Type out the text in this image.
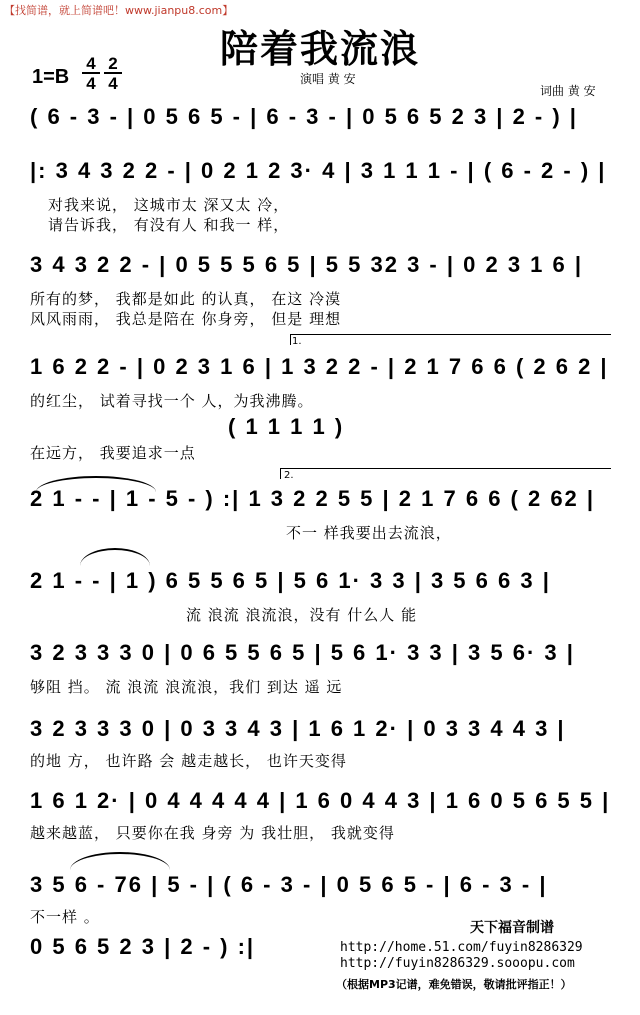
【找简谱，就上简谱吧！www.jianpu8.com】
陪着我流浪
$1=B \frac{4}{4} \frac{2}{4}$	演唱 黄 安
词曲 黄 安
( 6 - 3 - | 0 5 6 5 - | 6 - 3 - | 0 5 6 5 2 3 | 2 - ) |
|: 3 4 3 2 2 - | 0 2 1 2 3· 4 | 3 1 1 1 - | ( 6 - 2 - ) |
对我来说， 这城市太 深又太 冷，
请告诉我， 有没有人 和我一 样，
3 4 3 2 2 - | 0 5 5 5 6 5 | 5 5 32 3 - | 0 2 3 1 6 |
所有的梦， 我都是如此 的认真， 在这 冷漠
风风雨雨， 我总是陪在 你身旁， 但是 理想
1.
1 6 2 2 - | 0 2 3 1 6 | 1 3 2 2 - | 2 1 7 6 6 ( 2 6 2 |
的红尘， 试着寻找一个 人，为我沸腾。
( 1 1 1 1 )
在远方， 我要追求一点
2.
2 1 - - | 1 - 5 - ) :| 1 3 2 2 5 5 | 2 1 7 6 6 ( 2 62 |
不一 样我要出去流浪，
2 1 - - | 1 ) 6 5 5 6 5 | 5 6 1· 3 3 | 3 5 6 6 3 |
流 浪流 浪流浪，没有 什么人 能
3 2 3 3 3 0 | 0 6 5 5 6 5 | 5 6 1· 3 3 | 3 5 6· 3 |
够阻 挡。 流 浪流 浪流浪，我们 到达 遥 远
3 2 3 3 3 0 | 0 3 3 4 3 | 1 6 1 2· | 0 3 3 4 4 3 |
的地 方， 也许路 会 越走越长， 也许天变得
1 6 1 2· | 0 4 4 4 4 4 | 1 6 0 4 4 3 | 1 6 0 5 6 5 5 |
越来越蓝， 只要你在我 身旁 为 我壮胆， 我就变得
3 5 6 - 76 | 5 - | ( 6 - 3 - | 0 5 6 5 - | 6 - 3 - |
不一样 。
0 5 6 5 2 3 | 2 - ) :|
天下福音制谱
http://home.51.com/fuyin8286329
http://fuyin8286329.sooopu.com
（根据MP3记谱，难免错误，敬请批评指正！）
